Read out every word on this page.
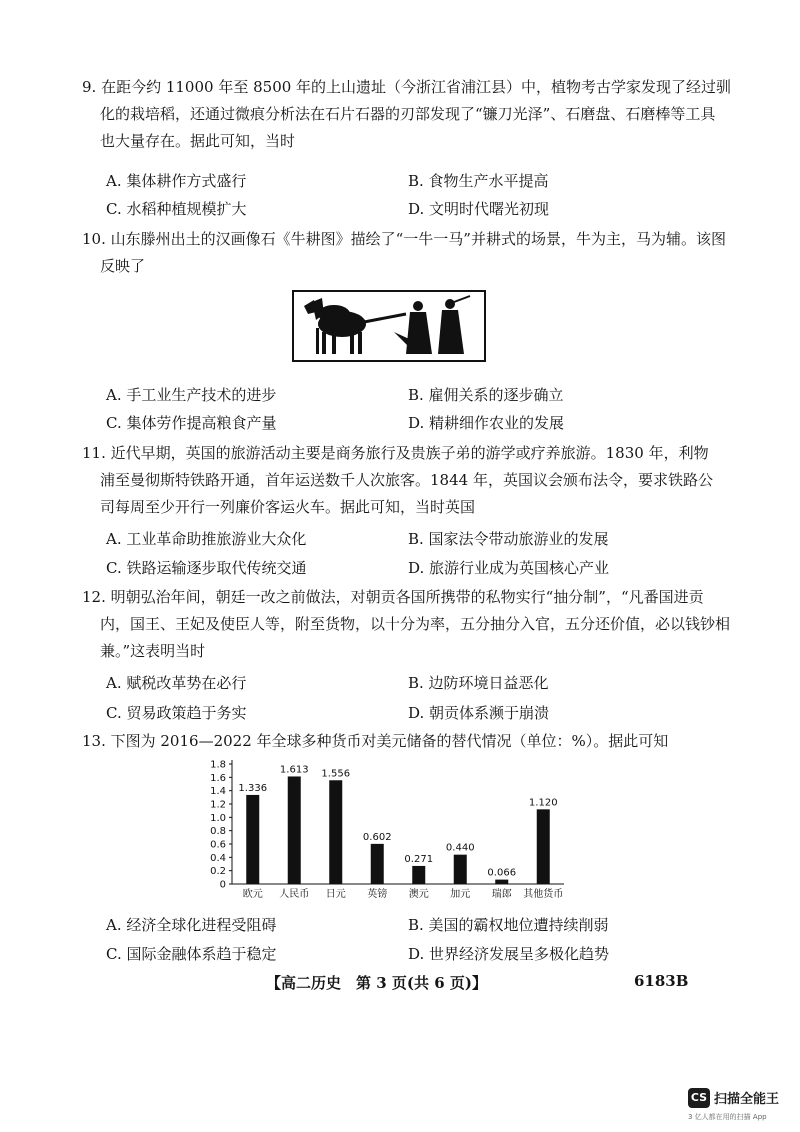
9. 在距今约 11000 年至 8500 年的上山遗址（今浙江省浦江县）中，植物考古学家发现了经过驯
化的栽培稻，还通过微痕分析法在石片石器的刃部发现了“镰刀光泽”、石磨盘、石磨棒等工具
也大量存在。据此可知，当时
A. 集体耕作方式盛行	B. 食物生产水平提高
C. 水稻种植规模扩大	D. 文明时代曙光初现
10. 山东滕州出土的汉画像石《牛耕图》描绘了“一牛一马”并耕式的场景，牛为主，马为辅。该图
反映了
A. 手工业生产技术的进步	B. 雇佣关系的逐步确立
C. 集体劳作提高粮食产量	D. 精耕细作农业的发展
11. 近代早期，英国的旅游活动主要是商务旅行及贵族子弟的游学或疗养旅游。1830 年，利物
浦至曼彻斯特铁路开通，首年运送数千人次旅客。1844 年，英国议会颁布法令，要求铁路公
司每周至少开行一列廉价客运火车。据此可知，当时英国
A. 工业革命助推旅游业大众化	B. 国家法令带动旅游业的发展
C. 铁路运输逐步取代传统交通	D. 旅游行业成为英国核心产业
12. 明朝弘治年间，朝廷一改之前做法，对朝贡各国所携带的私物实行“抽分制”，“凡番国进贡
内，国王、王妃及使臣人等，附至货物，以十分为率，五分抽分入官，五分还价值，必以钱钞相
兼。”这表明当时
A. 赋税改革势在必行	B. 边防环境日益恶化
C. 贸易政策趋于务实	D. 朝贡体系濒于崩溃
13. 下图为 2016—2022 年全球多种货币对美元储备的替代情况（单位：%）。据此可知
1.8
1.6
1.4
1.2
1.0
0.8
0.6
0.4
0.2
0
1.336
欧元
1.613
人民币
1.556
日元
0.602
英镑
0.271
澳元
0.440
加元
0.066
瑞郎
1.120
其他货币
A. 经济全球化进程受阻碍	B. 美国的霸权地位遭持续削弱
C. 国际金融体系趋于稳定	D. 世界经济发展呈多极化趋势
【高二历史　第 3 页(共 6 页)】	6183B
CS 扫描全能王
3 亿人都在用的扫描 App
